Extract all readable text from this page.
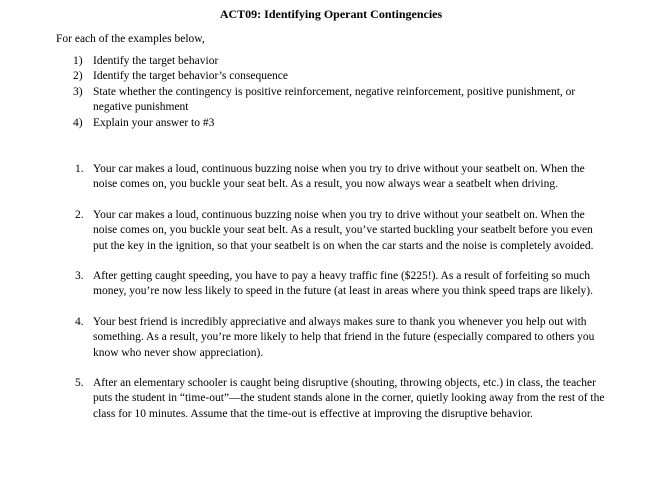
ACT09: Identifying Operant Contingencies
For each of the examples below,
1) Identify the target behavior
2) Identify the target behavior’s consequence
3) State whether the contingency is positive reinforcement, negative reinforcement, positive punishment, or negative punishment
4) Explain your answer to #3
1. Your car makes a loud, continuous buzzing noise when you try to drive without your seatbelt on. When the noise comes on, you buckle your seat belt. As a result, you now always wear a seatbelt when driving.
2. Your car makes a loud, continuous buzzing noise when you try to drive without your seatbelt on. When the noise comes on, you buckle your seat belt. As a result, you’ve started buckling your seatbelt before you even put the key in the ignition, so that your seatbelt is on when the car starts and the noise is completely avoided.
3. After getting caught speeding, you have to pay a heavy traffic fine ($225!). As a result of forfeiting so much money, you’re now less likely to speed in the future (at least in areas where you think speed traps are likely).
4. Your best friend is incredibly appreciative and always makes sure to thank you whenever you help out with something. As a result, you’re more likely to help that friend in the future (especially compared to others you know who never show appreciation).
5. After an elementary schooler is caught being disruptive (shouting, throwing objects, etc.) in class, the teacher puts the student in “time-out”—the student stands alone in the corner, quietly looking away from the rest of the class for 10 minutes. Assume that the time-out is effective at improving the disruptive behavior.
